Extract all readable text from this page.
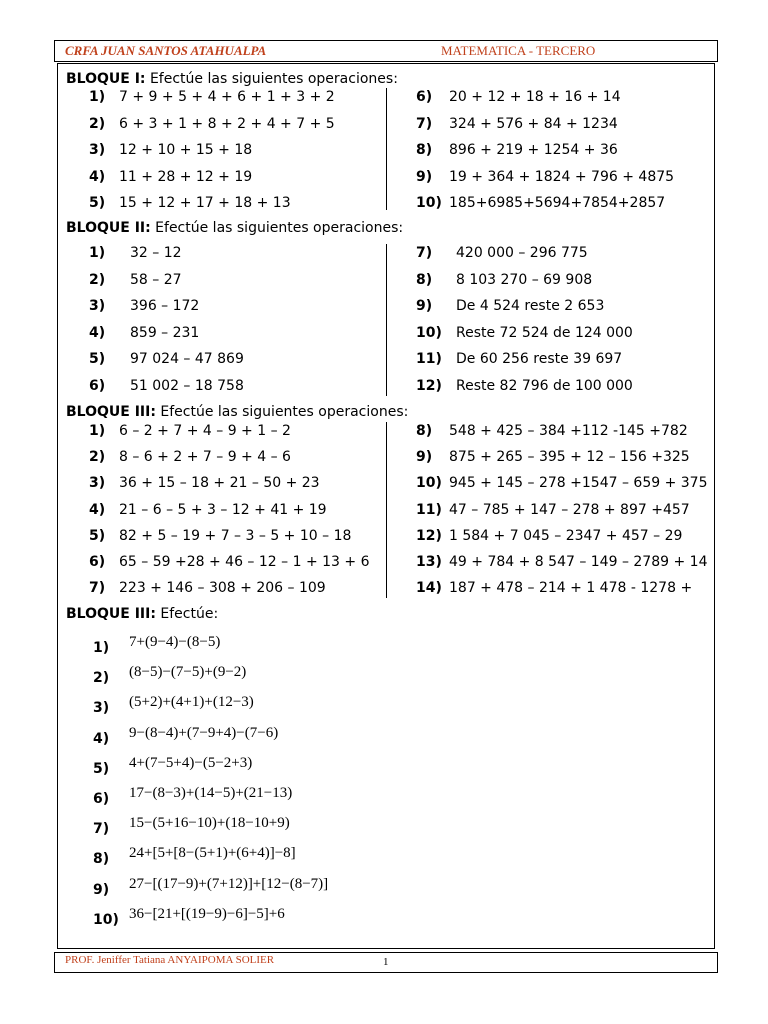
CRFA JUAN SANTOS ATAHUALPA	MATEMATICA - TERCERO
BLOQUE I: Efectúe las siguientes operaciones:
1) 7 + 9 + 5 + 4 + 6 + 1 + 3 + 2
2) 6 + 3 + 1 + 8 + 2 + 4 + 7 + 5
3) 12 + 10 + 15 + 18
4) 11 + 28 + 12 + 19
5) 15 + 12 + 17 + 18 + 13
6) 20 + 12 + 18 + 16 + 14
7) 324 + 576 + 84 + 1234
8) 896 + 219 + 1254 + 36
9) 19 + 364 + 1824 + 796 + 4875
10) 185+6985+5694+7854+2857
BLOQUE II: Efectúe las siguientes operaciones:
1) 32 – 12
2) 58 – 27
3) 396 – 172
4) 859 – 231
5) 97 024 – 47 869
6) 51 002 – 18 758
7) 420 000 – 296 775
8) 8 103 270 – 69 908
9) De 4 524 reste 2 653
10) Reste 72 524 de 124 000
11) De 60 256 reste 39 697
12) Reste 82 796 de 100 000
BLOQUE III: Efectúe las siguientes operaciones:
1) 6 – 2 + 7 + 4 – 9 + 1 – 2
2) 8 – 6 + 2 + 7 – 9 + 4 – 6
3) 36 + 15 – 18 + 21 – 50 + 23
4) 21 – 6 – 5 + 3 – 12 + 41 + 19
5) 82 + 5 – 19 + 7 – 3 – 5 + 10 – 18
6) 65 – 59 +28 + 46 – 12 – 1 + 13 + 6
7) 223 + 146 – 308 + 206 – 109
8) 548 + 425 – 384 +112 -145 +782
9) 875 + 265 – 395 + 12 – 156 +325
10) 945 + 145 – 278 +1547 – 659 + 375
11) 47 – 785 + 147 – 278 + 897 +457
12) 1 584 + 7 045 – 2347 + 457 – 29
13) 49 + 784 + 8 547 – 149 – 2789 + 14
14) 187 + 478 – 214 + 1 478 - 1278 +
BLOQUE III: Efectúe:
1) 7+(9−4)−(8−5)
2) (8−5)−(7−5)+(9−2)
3) (5+2)+(4+1)+(12−3)
4) 9−(8−4)+(7−9+4)−(7−6)
5) 4+(7−5+4)−(5−2+3)
6) 17−(8−3)+(14−5)+(21−13)
7) 15−(5+16−10)+(18−10+9)
8) 24+[5+[8−(5+1)+(6+4)]−8]
9) 27−[(17−9)+(7+12)]+[12−(8−7)]
10) 36−[21+[(19−9)−6]−5]+6
PROF. Jeniffer Tatiana ANYAIPOMA SOLIER	1
